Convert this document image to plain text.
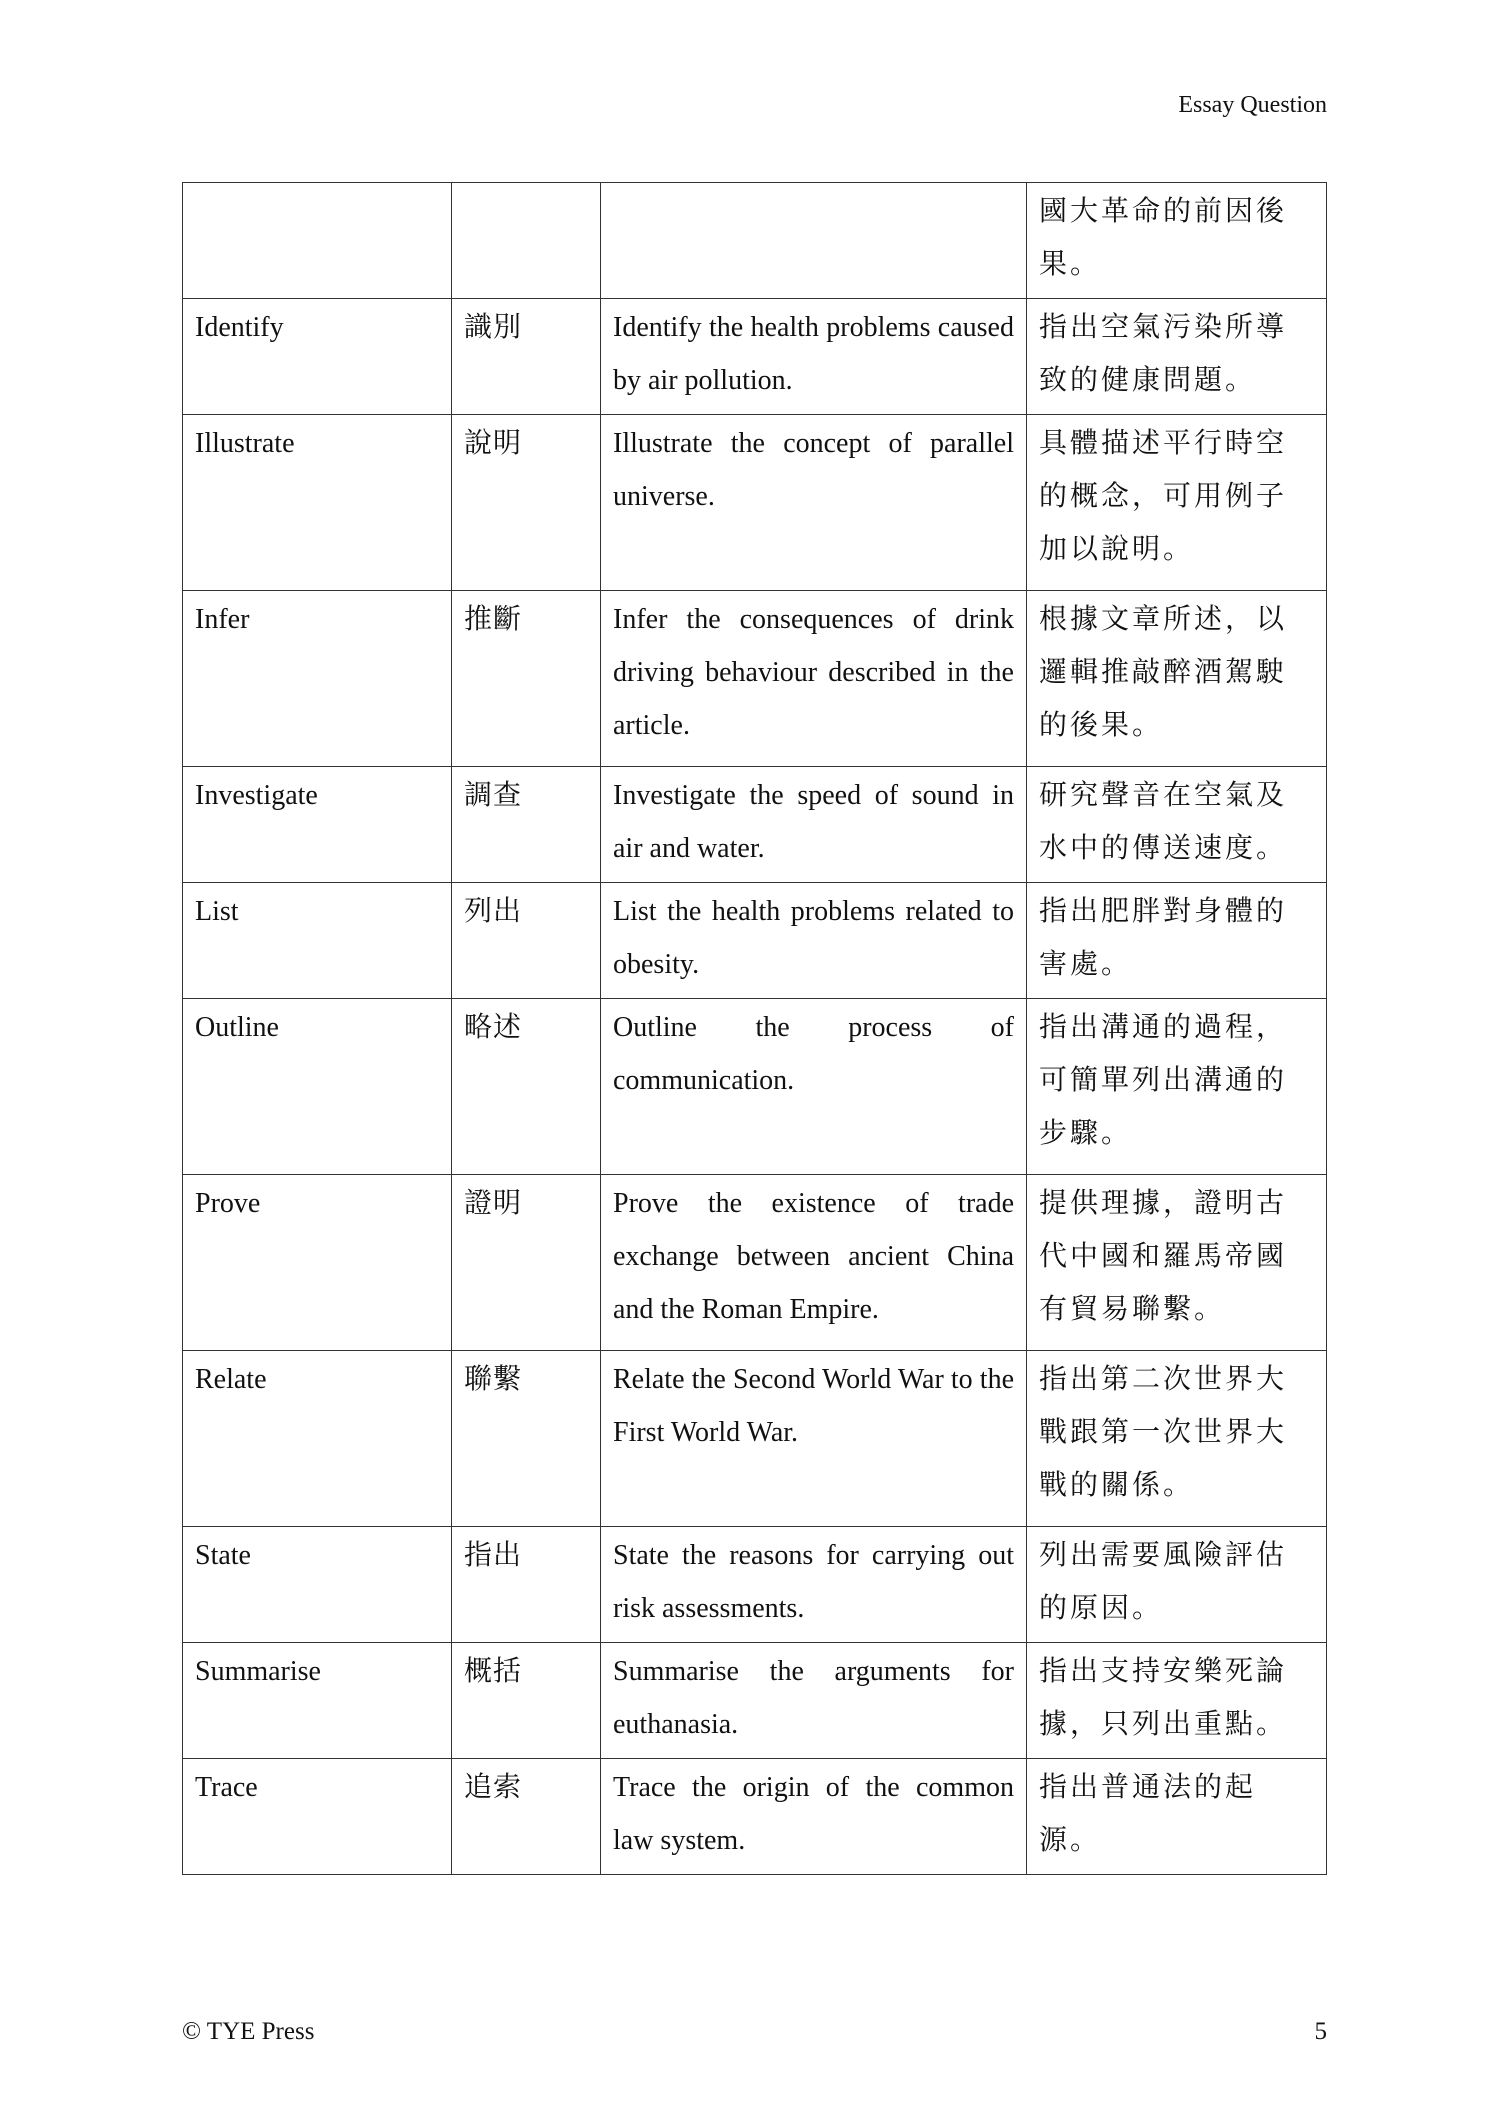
Essay Question
			國大革命的前因後果。
Identify	識別	Identify the health problems caused by air pollution.	指出空氣污染所導致的健康問題。
Illustrate	說明	Illustrate the concept of parallel universe.	具體描述平行時空的概念，可用例子加以說明。
Infer	推斷	Infer the consequences of drink driving behaviour described in the article.	根據文章所述，以邏輯推敲醉酒駕駛的後果。
Investigate	調查	Investigate the speed of sound in air and water.	研究聲音在空氣及水中的傳送速度。
List	列出	List the health problems related to obesity.	指出肥胖對身體的害處。
Outline	略述	Outline the process of communication.	指出溝通的過程，可簡單列出溝通的步驟。
Prove	證明	Prove the existence of trade exchange between ancient China and the Roman Empire.	提供理據，證明古代中國和羅馬帝國有貿易聯繫。
Relate	聯繫	Relate the Second World War to the First World War.	指出第二次世界大戰跟第一次世界大戰的關係。
State	指出	State the reasons for carrying out risk assessments.	列出需要風險評估的原因。
Summarise	概括	Summarise the arguments for euthanasia.	指出支持安樂死論據，只列出重點。
Trace	追索	Trace the origin of the common law system.	指出普通法的起源。
© TYE Press	5
